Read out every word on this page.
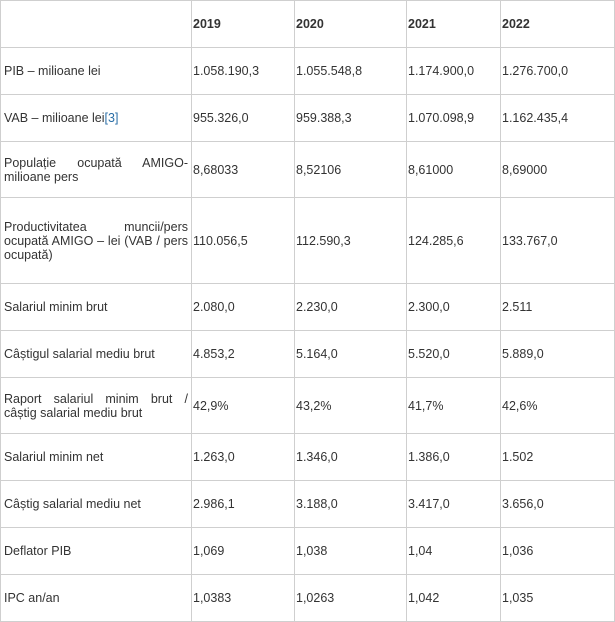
	2019	2020	2021	2022
PIB – milioane lei	1.058.190,3	1.055.548,8	1.174.900,0	1.276.700,0
VAB – milioane lei[3]	955.326,0	959.388,3	1.070.098,9	1.162.435,4
Populație ocupată AMIGO- milioane pers	8,68033	8,52106	8,61000	8,69000
Productivitatea muncii/pers ocupată AMIGO – lei (VAB / pers ocupată)	110.056,5	112.590,3	124.285,6	133.767,0
Salariul minim brut	2.080,0	2.230,0	2.300,0	2.511
Câștigul salarial mediu brut	4.853,2	5.164,0	5.520,0	5.889,0
Raport salariul minim brut / câștig salarial mediu brut	42,9%	43,2%	41,7%	42,6%
Salariul minim net	1.263,0	1.346,0	1.386,0	1.502
Câștig salarial mediu net	2.986,1	3.188,0	3.417,0	3.656,0
Deflator PIB	1,069	1,038	1,04	1,036
IPC an/an	1,0383	1,0263	1,042	1,035
